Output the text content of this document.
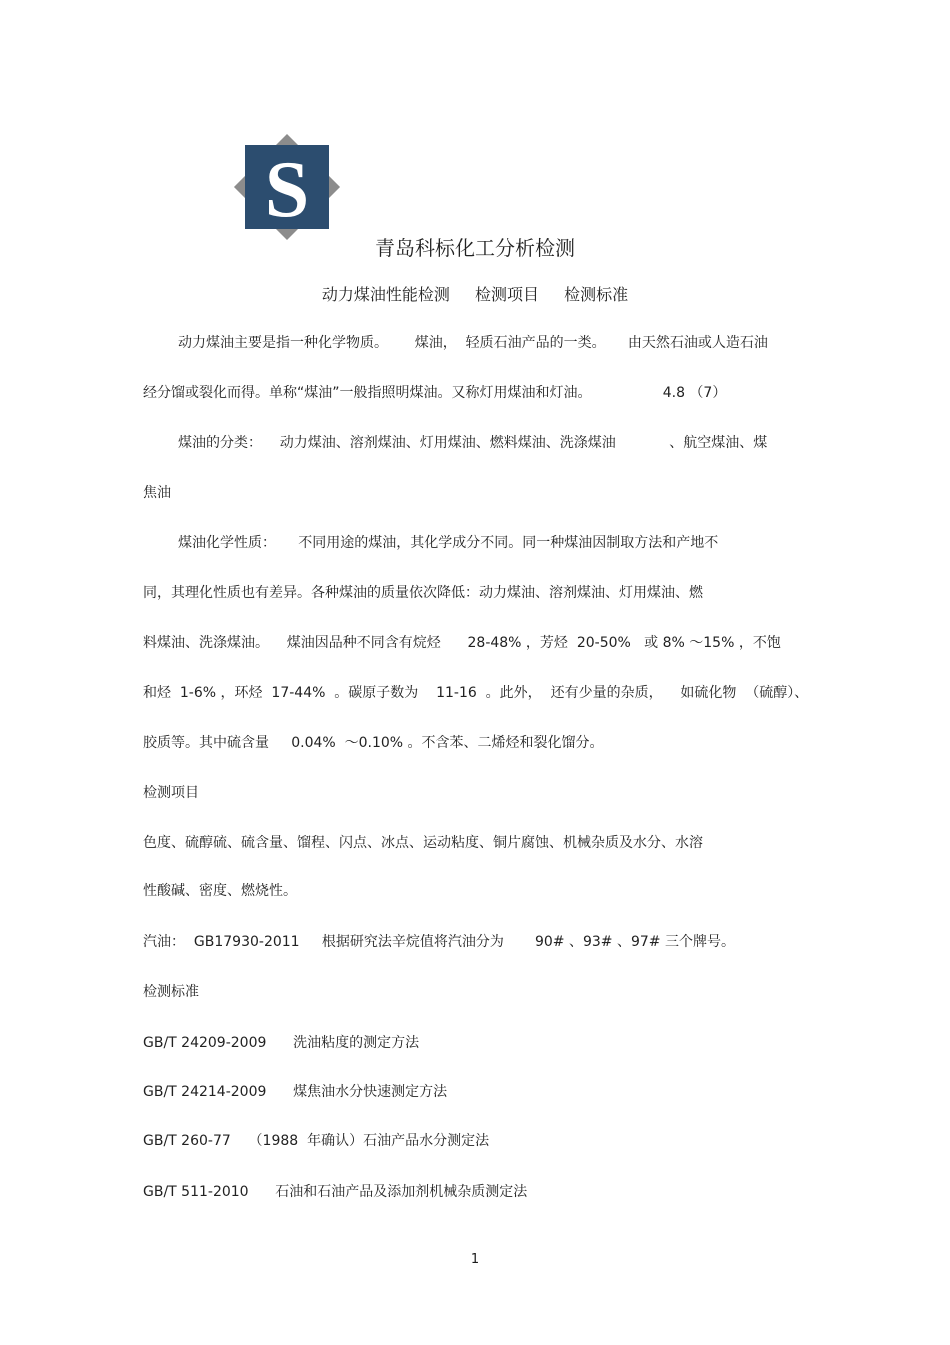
S
青岛科标化工分析检测
动力煤油性能检测 检测项目 检测标准
动力煤油主要是指一种化学物质。      煤油，  轻质石油产品的一类。     由天然石油或人造石油
经分馏或裂化而得。单称“煤油”一般指照明煤油。又称灯用煤油和灯油。                4.8 （7）
煤油的分类：    动力煤油、溶剂煤油、灯用煤油、燃料煤油、洗涤煤油            、航空煤油、煤
焦油
煤油化学性质：     不同用途的煤油，其化学成分不同。同一种煤油因制取方法和产地不
同，其理化性质也有差异。各种煤油的质量依次降低：动力煤油、溶剂煤油、灯用煤油、燃
料煤油、洗涤煤油。    煤油因品种不同含有烷烃      28-48% ，芳烃  20-50%   或 8% ～15% ，不饱
和烃  1-6% ，环烃  17-44%  。碳原子数为    11-16  。此外，  还有少量的杂质，    如硫化物  （硫醇）、
胶质等。其中硫含量     0.04%  ～0.10% 。不含苯、二烯烃和裂化馏分。
检测项目
色度、硫醇硫、硫含量、馏程、闪点、冰点、运动粘度、铜片腐蚀、机械杂质及水分、水溶
性酸碱、密度、燃烧性。
汽油：  GB17930-2011     根据研究法辛烷值将汽油分为       90# 、93# 、97# 三个牌号。
检测标准
GB/T 24209-2009      洗油粘度的测定方法
GB/T 24214-2009      煤焦油水分快速测定方法
GB/T 260-77    （1988  年确认）石油产品水分测定法
GB/T 511-2010      石油和石油产品及添加剂机械杂质测定法
1
